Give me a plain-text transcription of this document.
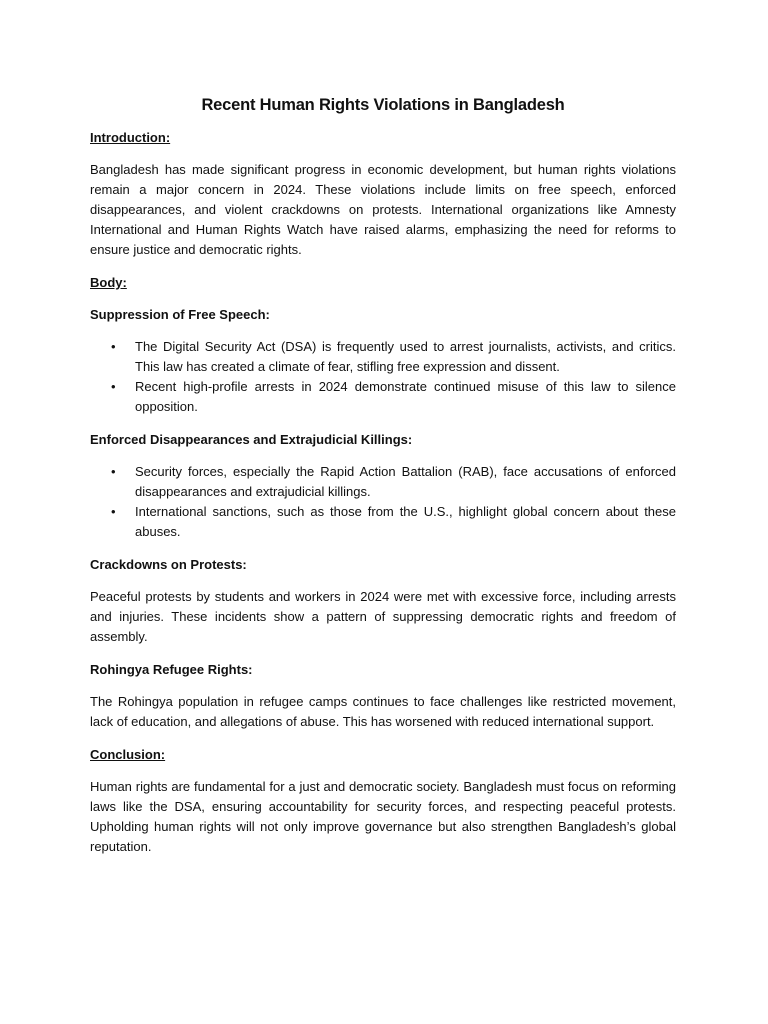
Recent Human Rights Violations in Bangladesh
Introduction:

Bangladesh has made significant progress in economic development, but human rights violations remain a major concern in 2024. These violations include limits on free speech, enforced disappearances, and violent crackdowns on protests. International organizations like Amnesty International and Human Rights Watch have raised alarms, emphasizing the need for reforms to ensure justice and democratic rights.

Body:
Suppression of Free Speech:
• The Digital Security Act (DSA) is frequently used to arrest journalists, activists, and critics. This law has created a climate of fear, stifling free expression and dissent.
• Recent high-profile arrests in 2024 demonstrate continued misuse of this law to silence opposition.
Enforced Disappearances and Extrajudicial Killings:
• Security forces, especially the Rapid Action Battalion (RAB), face accusations of enforced disappearances and extrajudicial killings.
• International sanctions, such as those from the U.S., highlight global concern about these abuses.
Crackdowns on Protests:

Peaceful protests by students and workers in 2024 were met with excessive force, including arrests and injuries. These incidents show a pattern of suppressing democratic rights and freedom of assembly.

Rohingya Refugee Rights:

The Rohingya population in refugee camps continues to face challenges like restricted movement, lack of education, and allegations of abuse. This has worsened with reduced international support.

Conclusion:

Human rights are fundamental for a just and democratic society. Bangladesh must focus on reforming laws like the DSA, ensuring accountability for security forces, and respecting peaceful protests. Upholding human rights will not only improve governance but also strengthen Bangladesh’s global reputation.
